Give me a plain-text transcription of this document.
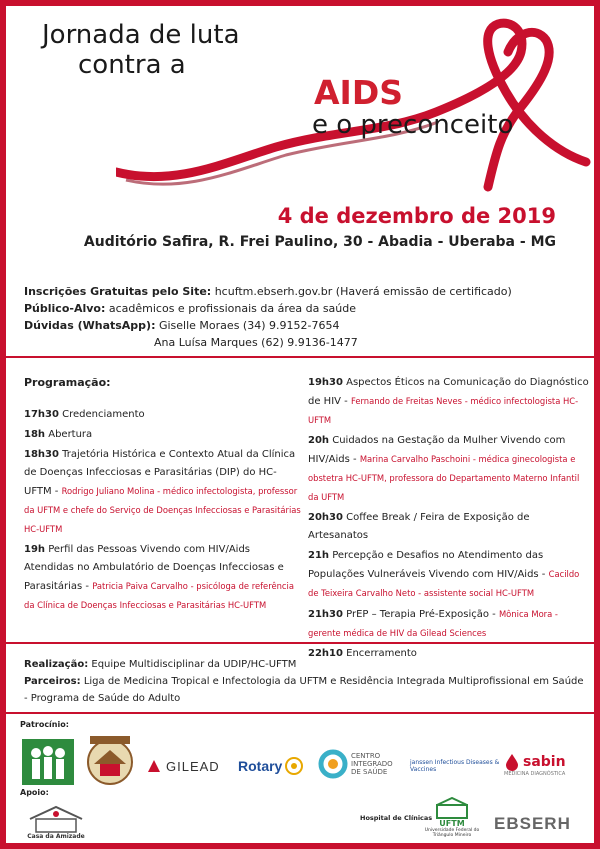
Jornada de luta
contra a
AIDS
e o preconceito
4 de dezembro de 2019
Auditório Safira, R. Frei Paulino, 30 - Abadia - Uberaba - MG
Inscrições Gratuitas pelo Site: hcuftm.ebserh.gov.br (Haverá emissão de certificado)
Público-Alvo: acadêmicos e profissionais da área da saúde
Dúvidas (WhatsApp): Giselle Moraes (34) 9.9152-7654
Ana Luísa Marques (62) 9.9136-1477
Programação:
17h30 Credenciamento
18h Abertura
18h30 Trajetória Histórica e Contexto Atual da Clínica de Doenças Infecciosas e Parasitárias (DIP) do HC-UFTM - Rodrigo Juliano Molina - médico infectologista, professor da UFTM e chefe do Serviço de Doenças Infecciosas e Parasitárias HC-UFTM
19h Perfil das Pessoas Vivendo com HIV/Aids Atendidas no Ambulatório de Doenças Infecciosas e Parasitárias - Patricia Paiva Carvalho - psicóloga de referência da Clínica de Doenças Infecciosas e Parasitárias HC-UFTM
19h30 Aspectos Éticos na Comunicação do Diagnóstico de HIV - Fernando de Freitas Neves - médico infectologista HC-UFTM
20h Cuidados na Gestação da Mulher Vivendo com HIV/Aids - Marina Carvalho Paschoini - médica ginecologista e obstetra HC-UFTM, professora do Departamento Materno Infantil da UFTM
20h30 Coffee Break / Feira de Exposição de Artesanatos
21h Percepção e Desafios no Atendimento das Populações Vulneráveis Vivendo com HIV/Aids - Cacildo de Teixeira Carvalho Neto - assistente social HC-UFTM
21h30 PrEP – Terapia Pré-Exposição - Mônica Mora - gerente médica de HIV da Gilead Sciences
22h10 Encerramento
Realização: Equipe Multidisciplinar da UDIP/HC-UFTM
Parceiros: Liga de Medicina Tropical e Infectologia da UFTM e Residência Integrada Multiprofissional em Saúde - Programa de Saúde do Adulto
Patrocínio:
GILEAD Rotary
CENTRO INTEGRADO DE SAÚDE
janssen Infectious Diseases & Vaccines	sabin
MEDICINA DIAGNÓSTICA
Apoio:
Casa da Amizade
Hospital de Clínicas
UFTM
Universidade Federal do Triângulo Mineiro
EBSERH
